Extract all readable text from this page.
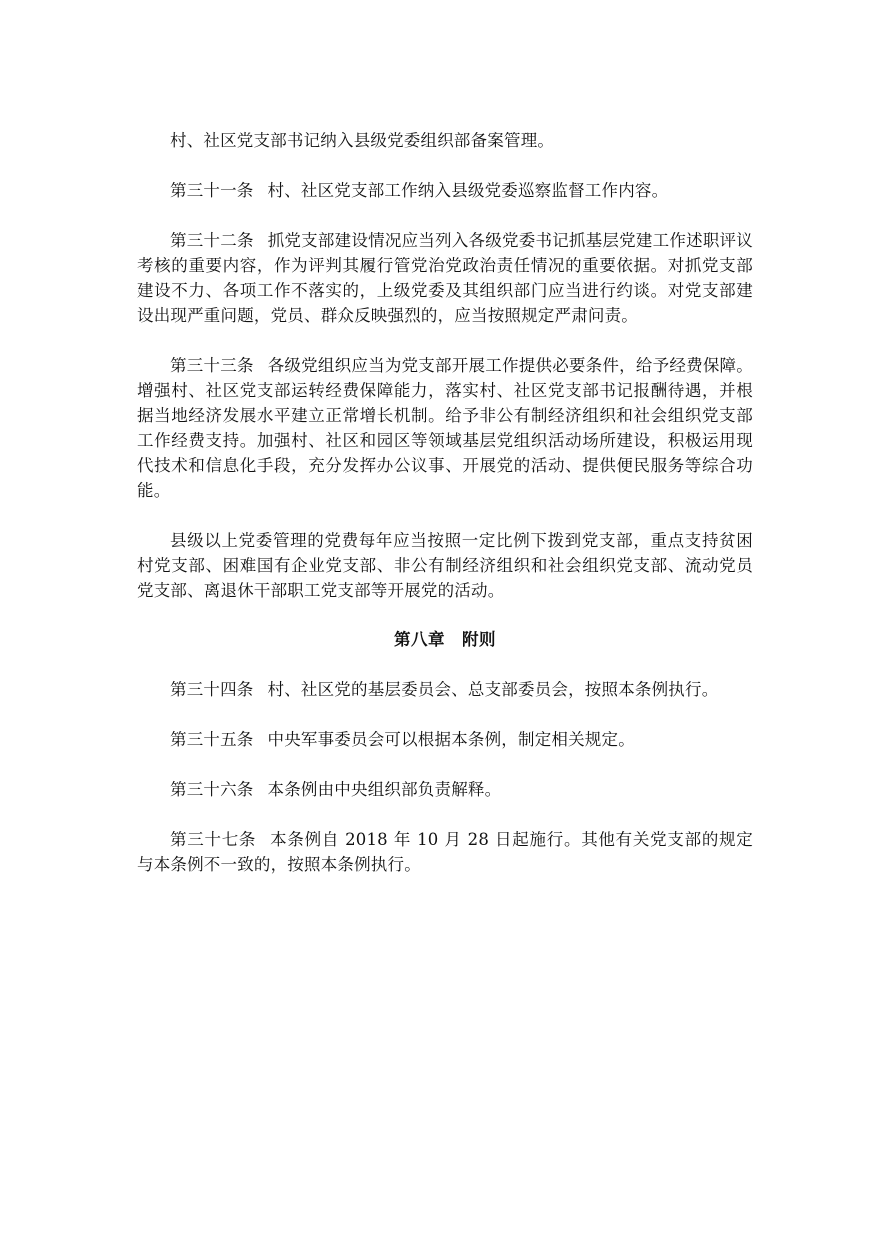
村、社区党支部书记纳入县级党委组织部备案管理。

第三十一条 村、社区党支部工作纳入县级党委巡察监督工作内容。

第三十二条 抓党支部建设情况应当列入各级党委书记抓基层党建工作述职评议考核的重要内容，作为评判其履行管党治党政治责任情况的重要依据。对抓党支部建设不力、各项工作不落实的，上级党委及其组织部门应当进行约谈。对党支部建设出现严重问题，党员、群众反映强烈的，应当按照规定严肃问责。

第三十三条 各级党组织应当为党支部开展工作提供必要条件，给予经费保障。增强村、社区党支部运转经费保障能力，落实村、社区党支部书记报酬待遇，并根据当地经济发展水平建立正常增长机制。给予非公有制经济组织和社会组织党支部工作经费支持。加强村、社区和园区等领域基层党组织活动场所建设，积极运用现代技术和信息化手段，充分发挥办公议事、开展党的活动、提供便民服务等综合功能。

县级以上党委管理的党费每年应当按照一定比例下拨到党支部，重点支持贫困村党支部、困难国有企业党支部、非公有制经济组织和社会组织党支部、流动党员党支部、离退休干部职工党支部等开展党的活动。

第八章　附则

第三十四条 村、社区党的基层委员会、总支部委员会，按照本条例执行。

第三十五条 中央军事委员会可以根据本条例，制定相关规定。

第三十六条 本条例由中央组织部负责解释。

第三十七条 本条例自 2018 年 10 月 28 日起施行。其他有关党支部的规定与本条例不一致的，按照本条例执行。
